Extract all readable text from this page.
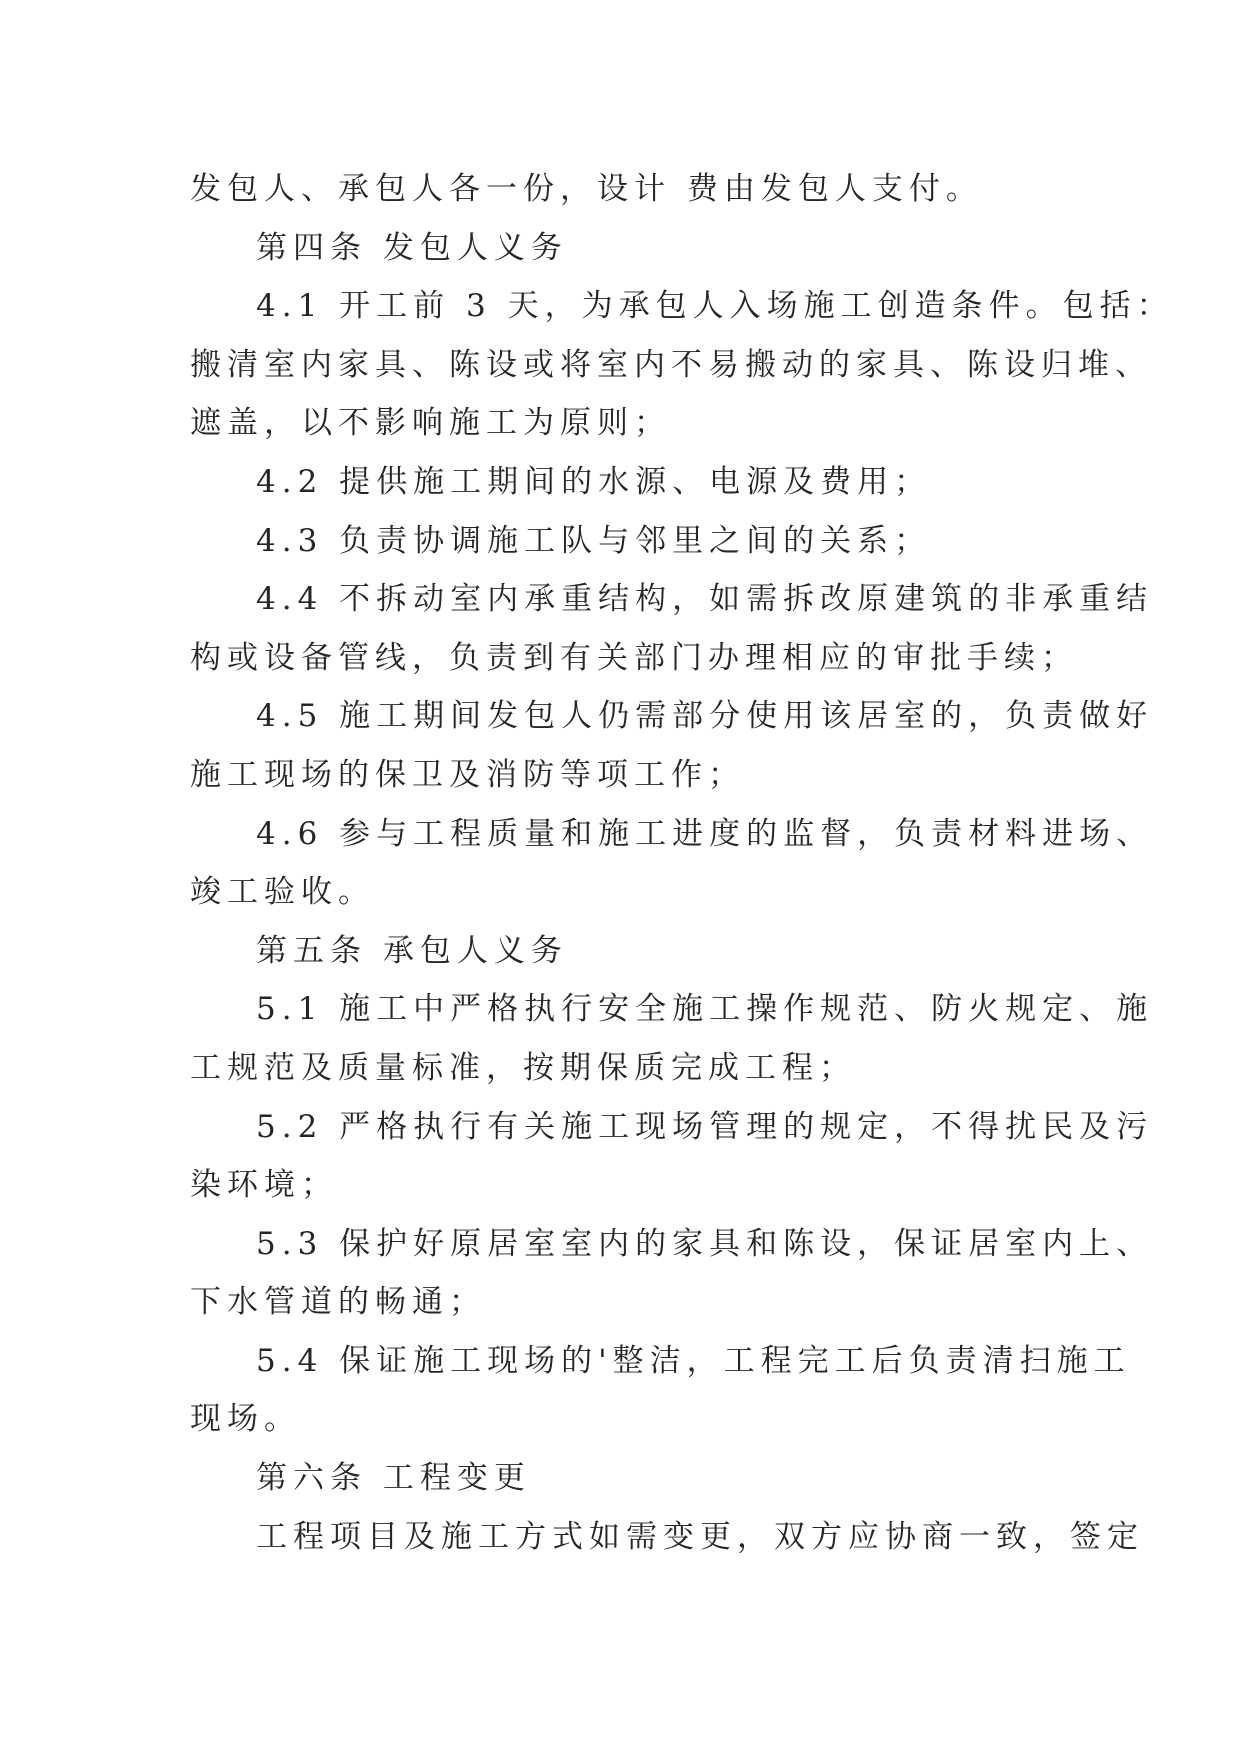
发包人、承包人各一份，设计 费由发包人支付。
第四条 发包人义务
4.1 开工前 3 天，为承包人入场施工创造条件。包括：
搬清室内家具、陈设或将室内不易搬动的家具、陈设归堆、
遮盖，以不影响施工为原则；
4.2 提供施工期间的水源、电源及费用；
4.3 负责协调施工队与邻里之间的关系；
4.4 不拆动室内承重结构，如需拆改原建筑的非承重结
构或设备管线，负责到有关部门办理相应的审批手续；
4.5 施工期间发包人仍需部分使用该居室的，负责做好
施工现场的保卫及消防等项工作；
4.6 参与工程质量和施工进度的监督，负责材料进场、
竣工验收。
第五条 承包人义务
5.1 施工中严格执行安全施工操作规范、防火规定、施
工规范及质量标准，按期保质完成工程；
5.2 严格执行有关施工现场管理的规定，不得扰民及污
染环境；
5.3 保护好原居室室内的家具和陈设，保证居室内上、
下水管道的畅通；
5.4 保证施工现场的'整洁，工程完工后负责清扫施工
现场。
第六条 工程变更
工程项目及施工方式如需变更，双方应协商一致，签定
